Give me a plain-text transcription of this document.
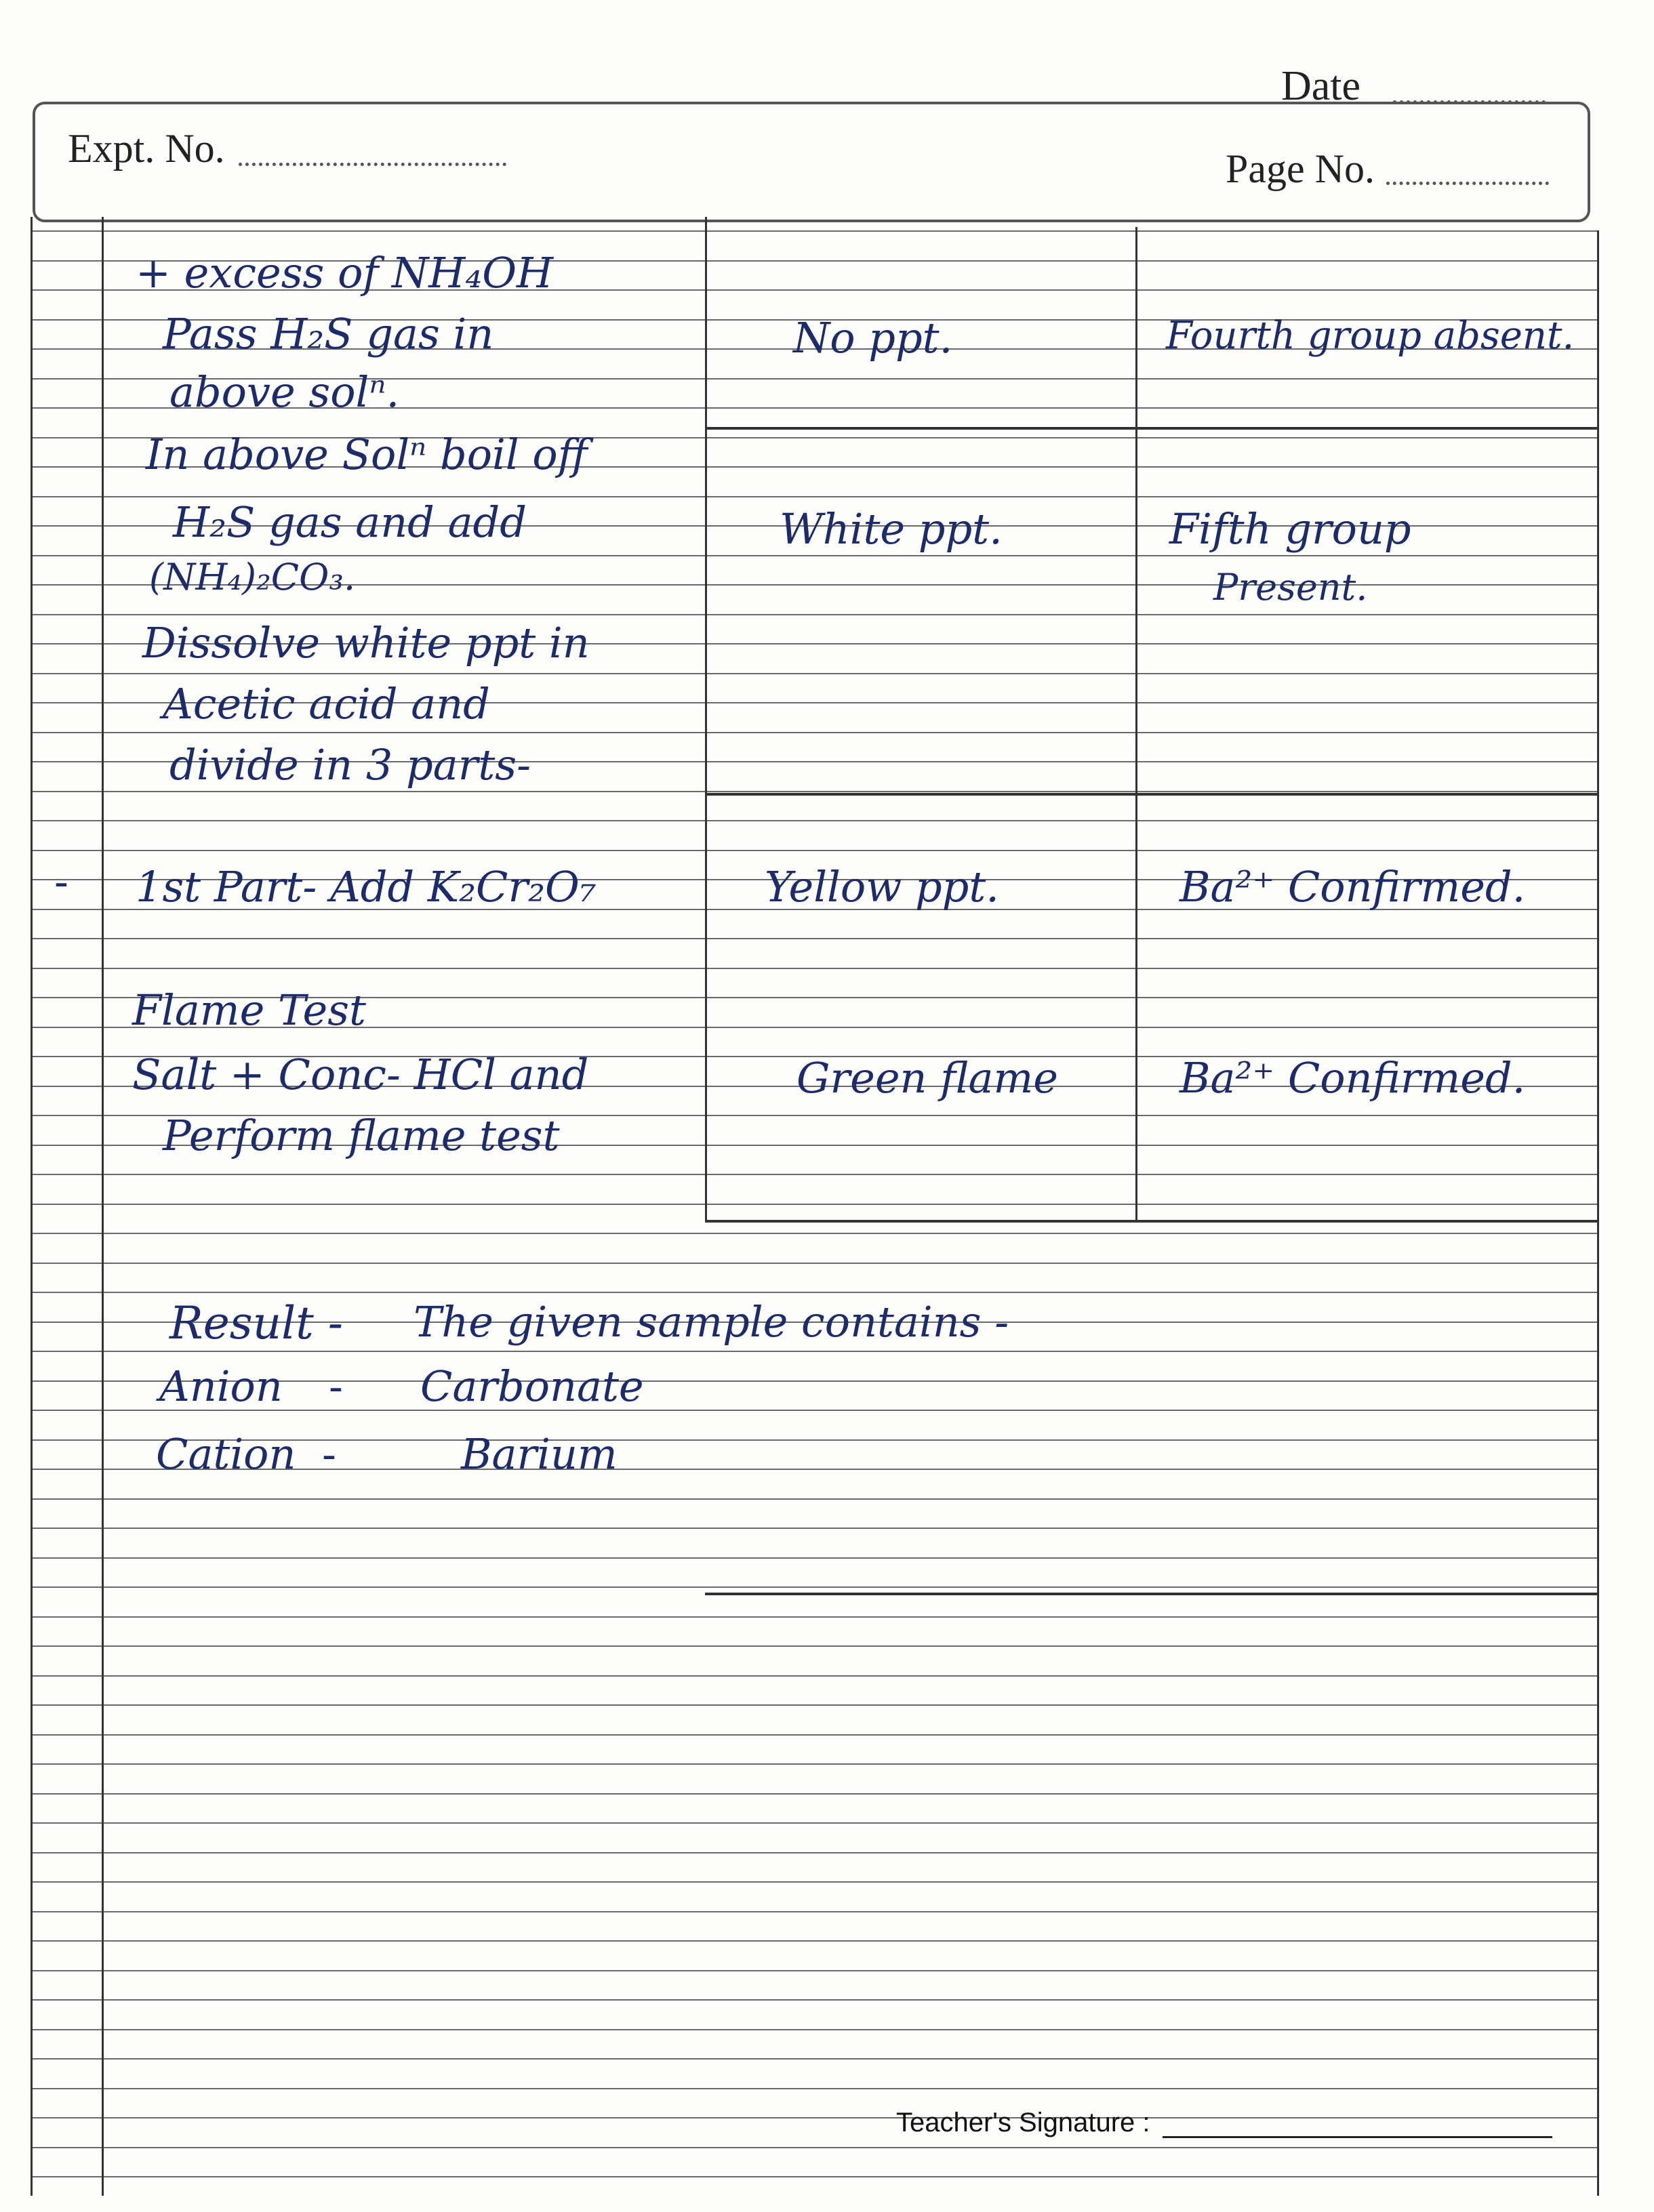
Date
Expt. No.	Page No.
+ excess of NH₄OH
Pass H₂S gas in
above solⁿ.
No ppt.	Fourth group absent.
In above Solⁿ boil off
H₂S gas and add
(NH₄)₂CO₃.
White ppt.	Fifth group
Present.
Dissolve white ppt in
Acetic acid and
divide in 3 parts-
- 1st Part- Add K₂Cr₂O₇	Yellow ppt.	Ba²⁺ Confirmed.
Flame Test
Salt + Conc- HCl and
Perform flame test
Green flame	Ba²⁺ Confirmed.
Result - The given sample contains -
Anion - Carbonate
Cation -	Barium
Teacher's Signature :
